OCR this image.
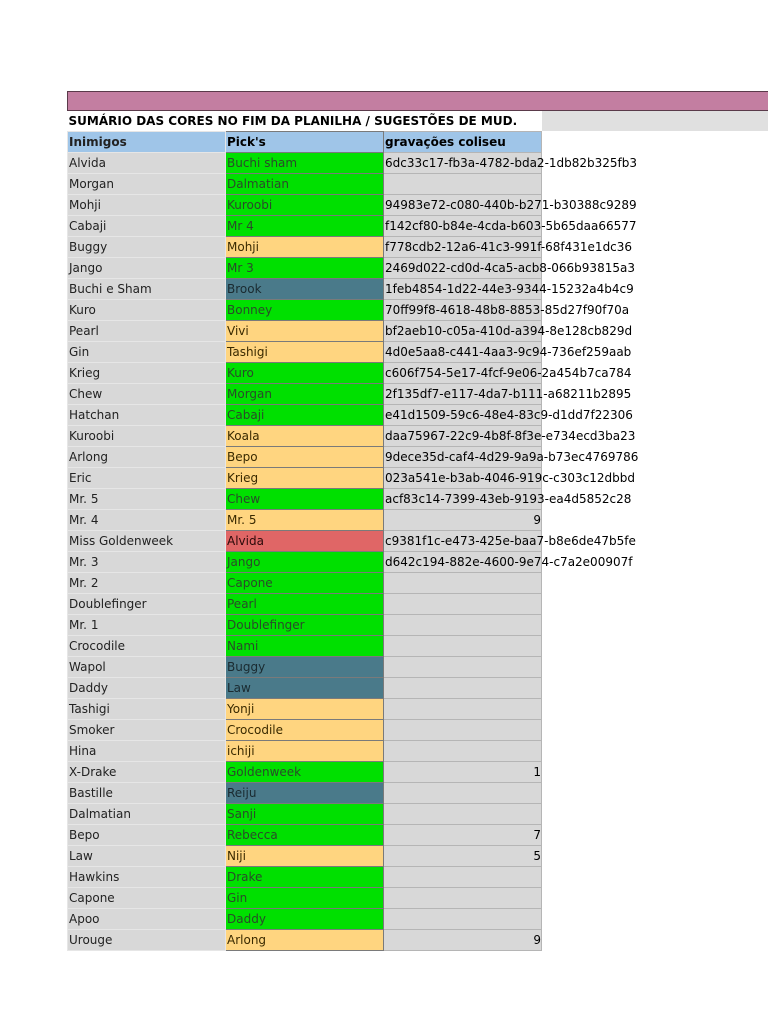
SUMÁRIO DAS CORES NO FIM DA PLANILHA / SUGESTÕES DE MUD.		
Inimigos	Pick's	gravações coliseu
Alvida	Buchi sham	6dc33c17-fb3a-4782-bda2-1db82b325fb3
Morgan	Dalmatian	
Mohji	Kuroobi	94983e72-c080-440b-b271-b30388c9289
Cabaji	Mr 4	f142cf80-b84e-4cda-b603-5b65daa66577
Buggy	Mohji	f778cdb2-12a6-41c3-991f-68f431e1dc36
Jango	Mr 3	2469d022-cd0d-4ca5-acb8-066b93815a3
Buchi e Sham	Brook	1feb4854-1d22-44e3-9344-15232a4b4c9
Kuro	Bonney	70ff99f8-4618-48b8-8853-85d27f90f70a
Pearl	Vivi	bf2aeb10-c05a-410d-a394-8e128cb829d
Gin	Tashigi	4d0e5aa8-c441-4aa3-9c94-736ef259aab
Krieg	Kuro	c606f754-5e17-4fcf-9e06-2a454b7ca784
Chew	Morgan	2f135df7-e117-4da7-b111-a68211b2895
Hatchan	Cabaji	e41d1509-59c6-48e4-83c9-d1dd7f22306
Kuroobi	Koala	daa75967-22c9-4b8f-8f3e-e734ecd3ba23
Arlong	Bepo	9dece35d-caf4-4d29-9a9a-b73ec4769786
Eric	Krieg	023a541e-b3ab-4046-919c-c303c12dbbd
Mr. 5	Chew	acf83c14-7399-43eb-9193-ea4d5852c28
Mr. 4	Mr. 5	9
Miss Goldenweek	Alvida	c9381f1c-e473-425e-baa7-b8e6de47b5fe
Mr. 3	Jango	d642c194-882e-4600-9e74-c7a2e00907f
Mr. 2	Capone	
Doublefinger	Pearl	
Mr. 1	Doublefinger	
Crocodile	Nami	
Wapol	Buggy	
Daddy	Law	
Tashigi	Yonji	
Smoker	Crocodile	
Hina	ichiji	
X-Drake	Goldenweek	1
Bastille	Reiju	
Dalmatian	Sanji	
Bepo	Rebecca	7
Law	Niji	5
Hawkins	Drake	
Capone	Gin	
Apoo	Daddy	
Urouge	Arlong	9
